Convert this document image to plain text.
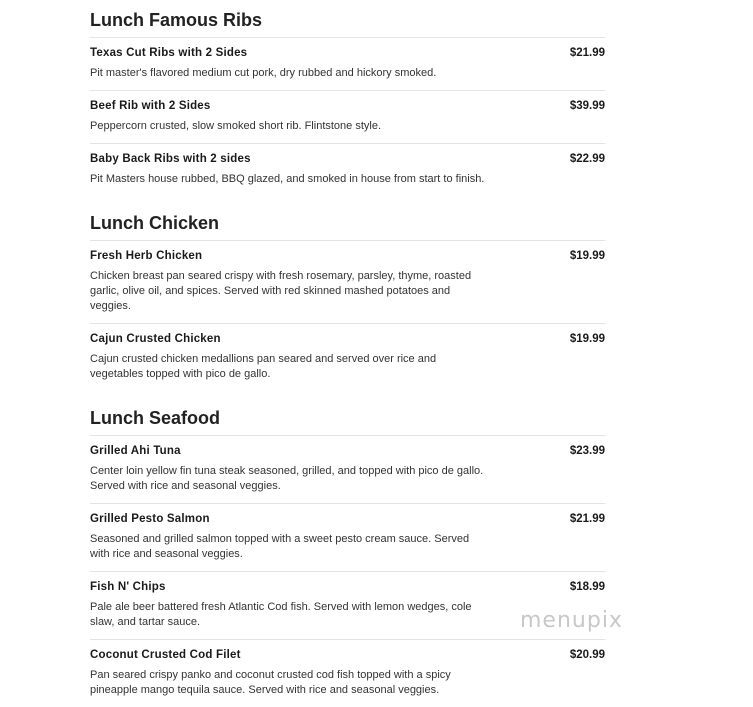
Lunch Famous Ribs
Texas Cut Ribs with 2 Sides	$21.99
Pit master's flavored medium cut pork, dry rubbed and hickory smoked.
Beef Rib with 2 Sides	$39.99
Peppercorn crusted, slow smoked short rib. Flintstone style.
Baby Back Ribs with 2 sides	$22.99
Pit Masters house rubbed, BBQ glazed, and smoked in house from start to finish.
Lunch Chicken
Fresh Herb Chicken	$19.99
Chicken breast pan seared crispy with fresh rosemary, parsley, thyme, roasted garlic, olive oil, and spices. Served with red skinned mashed potatoes and veggies.
Cajun Crusted Chicken	$19.99
Cajun crusted chicken medallions pan seared and served over rice and vegetables topped with pico de gallo.
Lunch Seafood
Grilled Ahi Tuna	$23.99
Center loin yellow fin tuna steak seasoned, grilled, and topped with pico de gallo. Served with rice and seasonal veggies.
Grilled Pesto Salmon	$21.99
Seasoned and grilled salmon topped with a sweet pesto cream sauce. Served with rice and seasonal veggies.
Fish N' Chips	$18.99
Pale ale beer battered fresh Atlantic Cod fish. Served with lemon wedges, cole slaw, and tartar sauce.
Coconut Crusted Cod Filet	$20.99
Pan seared crispy panko and coconut crusted cod fish topped with a spicy pineapple mango tequila sauce. Served with rice and seasonal veggies.
menupix
